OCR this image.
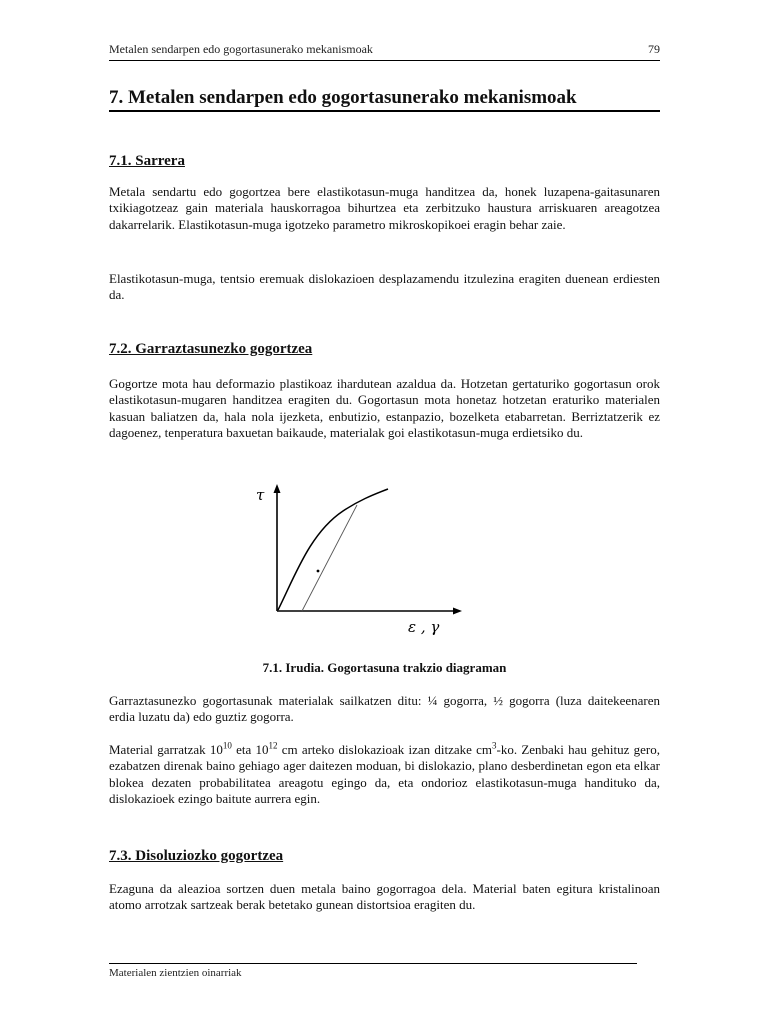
Metalen sendarpen edo gogortasunerako mekanismoak	79
7. Metalen sendarpen edo gogortasunerako mekanismoak
7.1. Sarrera

Metala sendartu edo gogortzea bere elastikotasun-muga handitzea da, honek luzapena-gaitasunaren txikiagotzeaz gain materiala hauskorragoa bihurtzea eta zerbitzuko haustura arriskuaren areagotzea dakarrelarik. Elastikotasun-muga igotzeko parametro mikroskopikoei eragin behar zaie.

Elastikotasun-muga, tentsio eremuak dislokazioen desplazamendu itzulezina eragiten duenean erdiesten da.

7.2. Garraztasunezko gogortzea

Gogortze mota hau deformazio plastikoaz ihardutean azaldua da. Hotzetan gertaturiko gogortasun orok elastikotasun-mugaren handitzea eragiten du. Gogortasun mota honetaz hotzetan eraturiko materialen kasuan baliatzen da, hala nola ijezketa, enbutizio, estanpazio, bozelketa etabarretan. Berriztatzerik ez dagoenez, tenperatura baxuetan baikaude, materialak goi elastikotasun-muga erdietsiko du.

τ
ε , γ

7.1. Irudia. Gogortasuna trakzio diagraman

Garraztasunezko gogortasunak materialak sailkatzen ditu: ¼ gogorra, ½ gogorra (luza daitekeenaren erdia luzatu da) edo guztiz gogorra.

Material garratzak $10^{10}$ eta $10^{12}$ cm arteko dislokazioak izan ditzake $cm^3-ko$. Zenbaki hau gehituz gero, ezabatzen direnak baino gehiago ager daitezen moduan, bi dislokazio, plano desberdinetan egon eta elkar blokea dezaten probabilitatea areagotu egingo da, eta ondorioz elastikotasun-muga handituko da, dislokazioek ezingo baitute aurrera egin.

7.3. Disoluziozko gogortzea

Ezaguna da aleazioa sortzen duen metala baino gogorragoa dela. Material baten egitura kristalinoan atomo arrotzak sartzeak berak betetako gunean distortsioa eragiten du.

Materialen zientzien oinarriak
